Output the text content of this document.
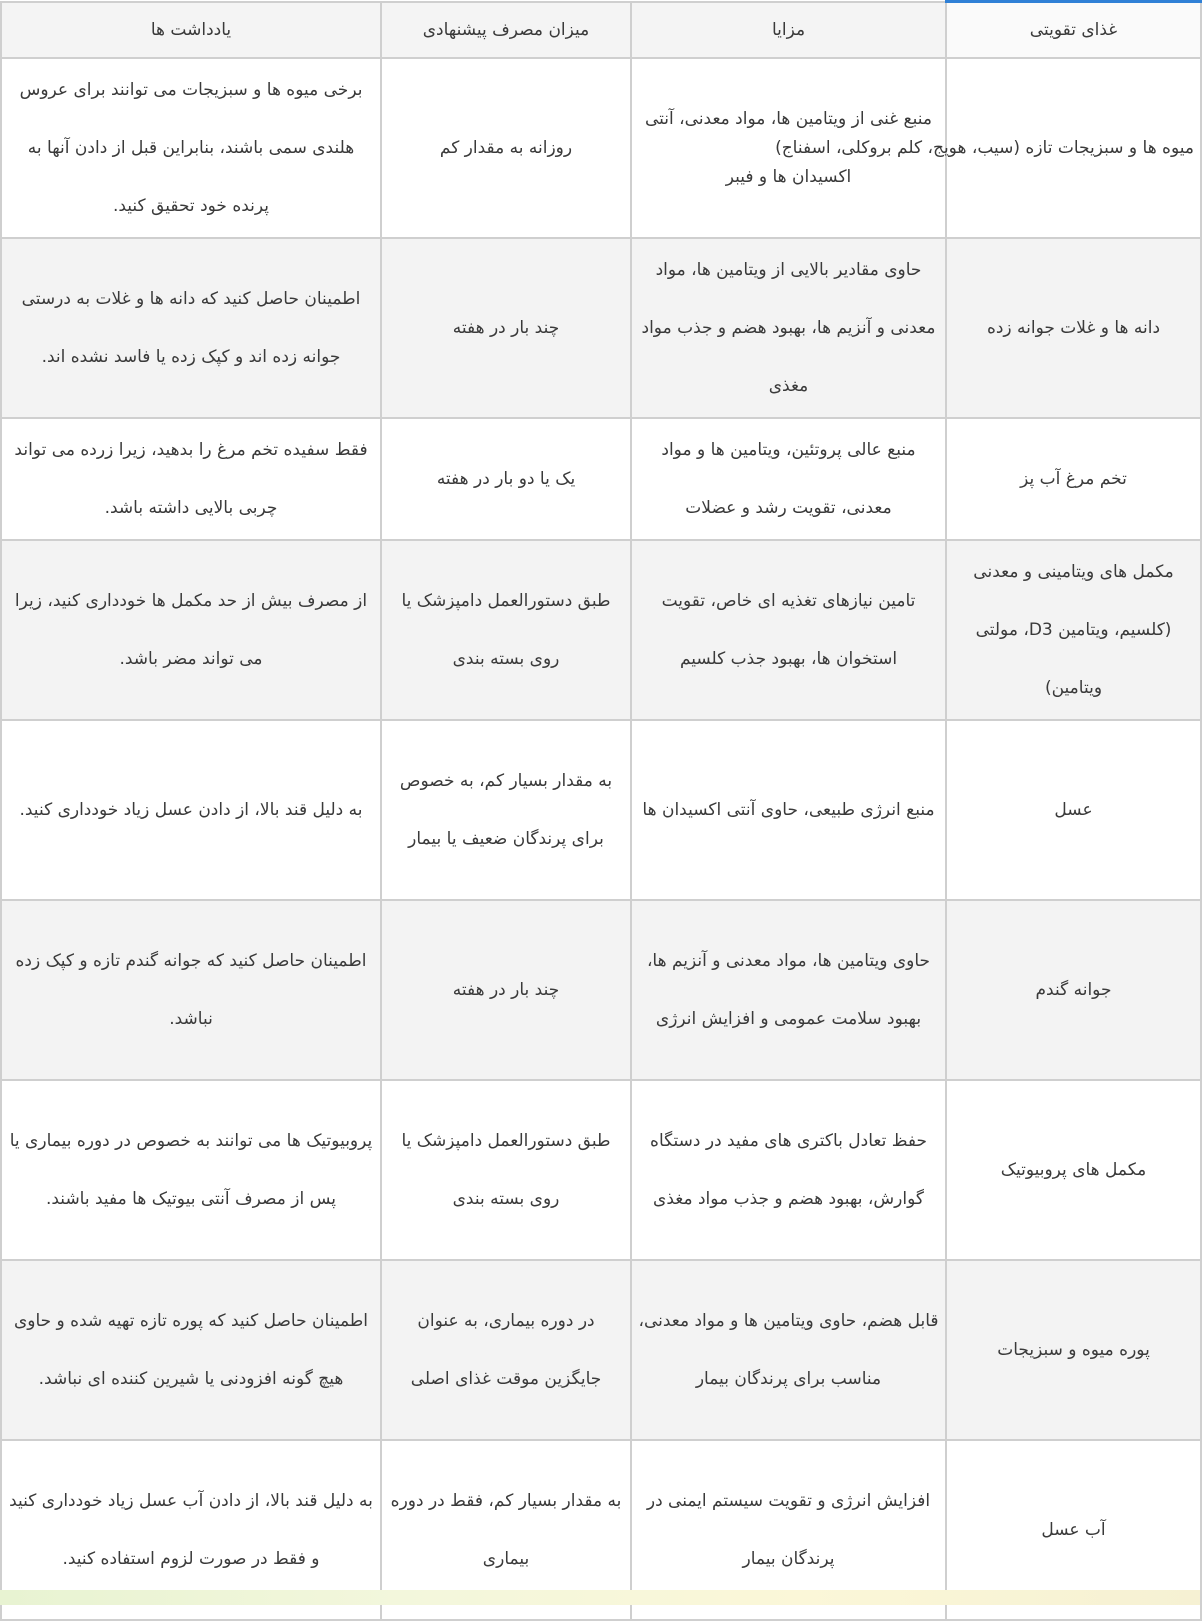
غذای تقویتی	مزایا	میزان مصرف پیشنهادی	یادداشت ها
میوه ها و سبزیجات تازه (سیب، هویج، کلم بروکلی، اسفناج)	منبع غنی از ویتامین ها، مواد معدنی، آنتی اکسیدان ها و فیبر	روزانه به مقدار کم	برخی میوه ها و سبزیجات می توانند برای عروس هلندی سمی باشند، بنابراین قبل از دادن آنها به پرنده خود تحقیق کنید.
دانه ها و غلات جوانه زده	حاوی مقادیر بالایی از ویتامین ها، مواد معدنی و آنزیم ها، بهبود هضم و جذب مواد مغذی	چند بار در هفته	اطمینان حاصل کنید که دانه ها و غلات به درستی جوانه زده اند و کپک زده یا فاسد نشده اند.
تخم مرغ آب پز	منبع عالی پروتئین، ویتامین ها و مواد معدنی، تقویت رشد و عضلات	یک یا دو بار در هفته	فقط سفیده تخم مرغ را بدهید، زیرا زرده می تواند چربی بالایی داشته باشد.
مکمل های ویتامینی و معدنی (کلسیم، ویتامین D3، مولتی ویتامین)	تامین نیازهای تغذیه ای خاص، تقویت استخوان ها، بهبود جذب کلسیم	طبق دستورالعمل دامپزشک یا روی بسته بندی	از مصرف بیش از حد مکمل ها خودداری کنید، زیرا می تواند مضر باشد.
عسل	منبع انرژی طبیعی، حاوی آنتی اکسیدان ها	به مقدار بسیار کم، به خصوص برای پرندگان ضعیف یا بیمار	به دلیل قند بالا، از دادن عسل زیاد خودداری کنید.
جوانه گندم	حاوی ویتامین ها، مواد معدنی و آنزیم ها، بهبود سلامت عمومی و افزایش انرژی	چند بار در هفته	اطمینان حاصل کنید که جوانه گندم تازه و کپک زده نباشد.
مکمل های پروبیوتیک	حفظ تعادل باکتری های مفید در دستگاه گوارش، بهبود هضم و جذب مواد مغذی	طبق دستورالعمل دامپزشک یا روی بسته بندی	پروبیوتیک ها می توانند به خصوص در دوره بیماری یا پس از مصرف آنتی بیوتیک ها مفید باشند.
پوره میوه و سبزیجات	قابل هضم، حاوی ویتامین ها و مواد معدنی، مناسب برای پرندگان بیمار	در دوره بیماری، به عنوان جایگزین موقت غذای اصلی	اطمینان حاصل کنید که پوره تازه تهیه شده و حاوی هیچ گونه افزودنی یا شیرین کننده ای نباشد.
آب عسل	افزایش انرژی و تقویت سیستم ایمنی در پرندگان بیمار	به مقدار بسیار کم، فقط در دوره بیماری	به دلیل قند بالا، از دادن آب عسل زیاد خودداری کنید و فقط در صورت لزوم استفاده کنید.
